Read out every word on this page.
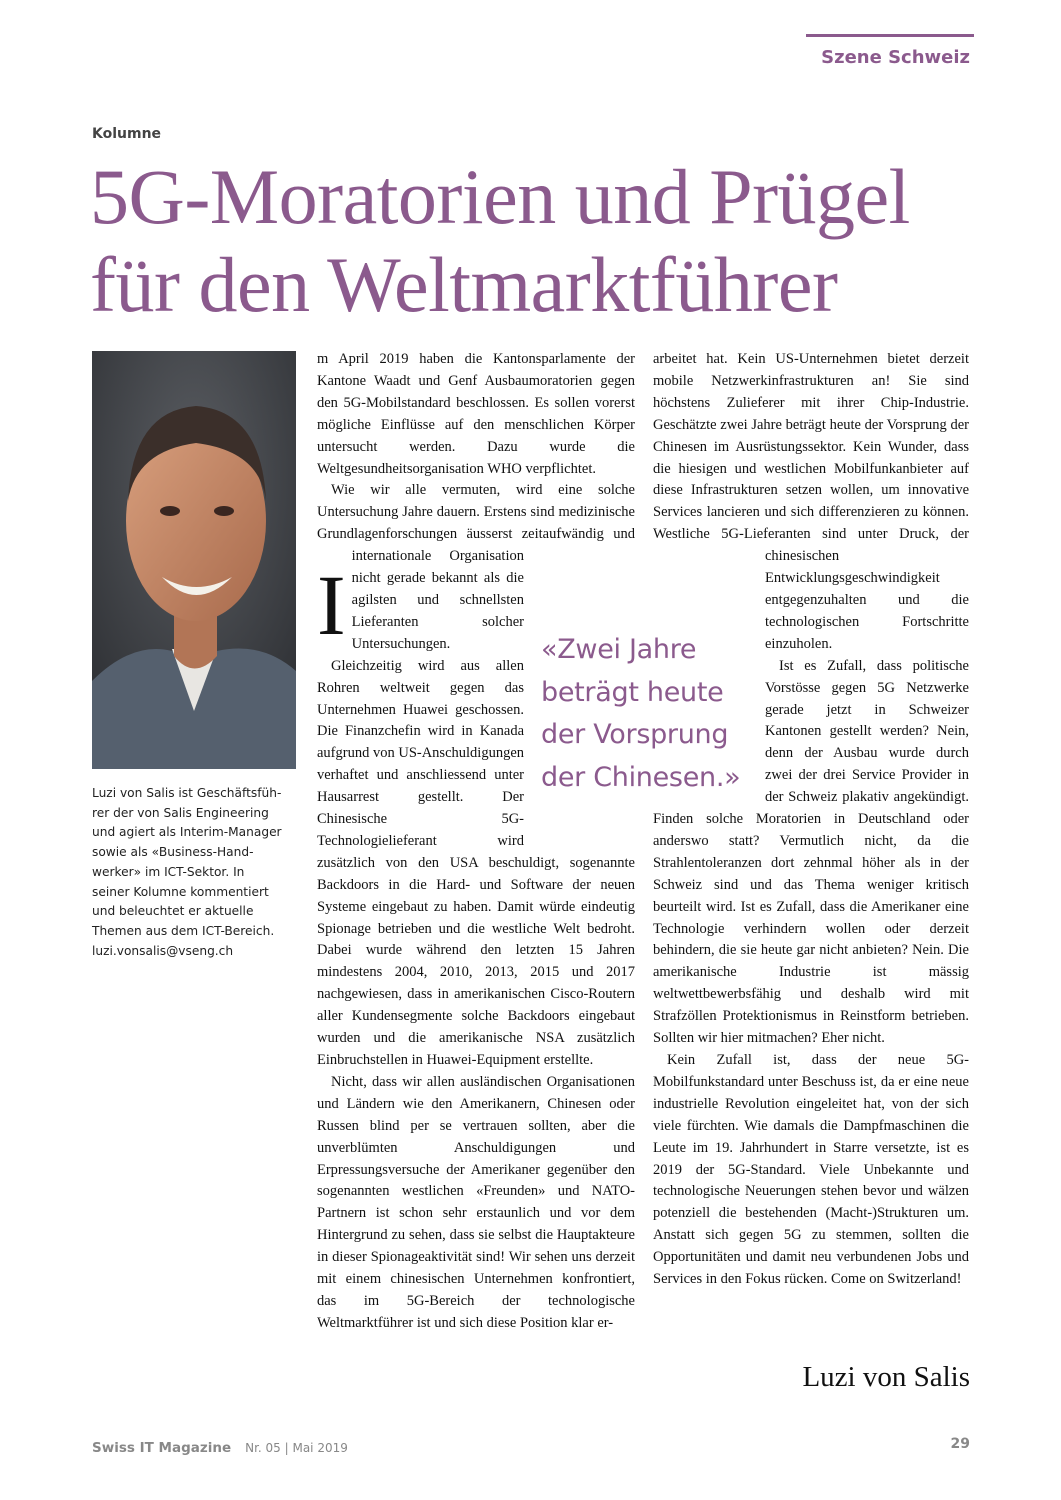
Szene Schweiz
Kolumne
5G-Moratorien und Prügel
für den Weltmarktführer
Luzi von Salis ist Geschäftsfüh-
rer der von Salis Engineering
und agiert als Interim-Manager
sowie als «Business-Hand-
werker» im ICT-Sektor. In
seiner Kolumne kommentiert
und beleuchtet er aktuelle
Themen aus dem ICT-Bereich.
luzi.vonsalis@vseng.ch

I
m April 2019 haben die Kantonsparlamente der Kantone Waadt und Genf Ausbaumoratorien gegen den 5G-Mobilstandard beschlossen. Es sollen vorerst mögliche Einflüsse auf den menschlichen Körper untersucht werden. Dazu wurde die Weltgesundheitsorganisation WHO verpflichtet.

Wie wir alle vermuten, wird eine solche Untersuchung Jahre dauern. Erstens sind medizinische Grundlagenforschungen äusserst zeitaufwändig und internationale Organisation nicht gerade bekannt als die agilsten und schnellsten Lieferanten solcher Untersuchungen.

Gleichzeitig wird aus allen Rohren weltweit gegen das Unternehmen Huawei geschossen. Die Finanzchefin wird in Kanada aufgrund von US-Anschuldigungen verhaftet und anschliessend unter Hausarrest gestellt. Der Chinesische 5G-Technologielieferant wird zusätzlich von den USA beschuldigt, sogenannte Backdoors in die Hard- und Software der neuen Systeme eingebaut zu haben. Damit würde eindeutig Spionage betrieben und die westliche Welt bedroht. Dabei wurde während den letzten 15 Jahren mindestens 2004, 2010, 2013, 2015 und 2017 nachgewiesen, dass in amerikanischen Cisco-Routern aller Kundensegmente solche Backdoors eingebaut wurden und die amerikanische NSA zusätzlich Einbruchstellen in Huawei-Equipment erstellte.

Nicht, dass wir allen ausländischen Organisationen und Ländern wie den Amerikanern, Chinesen oder Russen blind per se vertrauen sollten, aber die unverblümten Anschuldigungen und Erpressungsversuche der Amerikaner gegenüber den sogenannten westlichen «Freunden» und NATO-Partnern ist schon sehr erstaunlich und vor dem Hintergrund zu sehen, dass sie selbst die Hauptakteure in dieser Spionageaktivität sind! Wir sehen uns derzeit mit einem chinesischen Unternehmen konfrontiert, das im 5G-Bereich der technologische Weltmarktführer ist und sich diese Position klar er-

«Zwei Jahre
beträgt heute
der Vorsprung
der Chinesen.»

arbeitet hat. Kein US-Unternehmen bietet derzeit mobile Netzwerkinfrastrukturen an! Sie sind höchstens Zulieferer mit ihrer Chip-Industrie. Geschätzte zwei Jahre beträgt heute der Vorsprung der Chinesen im Ausrüstungssektor. Kein Wunder, dass die hiesigen und westlichen Mobilfunkanbieter auf diese Infrastrukturen setzen wollen, um innovative Services lancieren und sich differenzieren zu können. Westliche 5G-Lieferanten sind unter Druck, der chinesischen Entwicklungsgeschwindigkeit entgegenzuhalten und die technologischen Fortschritte einzuholen.

Ist es Zufall, dass politische Vorstösse gegen 5G Netzwerke gerade jetzt in Schweizer Kantonen gestellt werden? Nein, denn der Ausbau wurde durch zwei der drei Service Provider in der Schweiz plakativ angekündigt. Finden solche Moratorien in Deutschland oder anderswo statt? Vermutlich nicht, da die Strahlentoleranzen dort zehnmal höher als in der Schweiz sind und das Thema weniger kritisch beurteilt wird. Ist es Zufall, dass die Amerikaner eine Technologie verhindern wollen oder derzeit behindern, die sie heute gar nicht anbieten? Nein. Die amerikanische Industrie ist mässig weltwettbewerbsfähig und deshalb wird mit Strafzöllen Protektionismus in Reinstform betrieben. Sollten wir hier mitmachen? Eher nicht.

Kein Zufall ist, dass der neue 5G-Mobilfunkstandard unter Beschuss ist, da er eine neue industrielle Revolution eingeleitet hat, von der sich viele fürchten. Wie damals die Dampfmaschinen die Leute im 19. Jahrhundert in Starre versetzte, ist es 2019 der 5G-Standard. Viele Unbekannte und technologische Neuerungen stehen bevor und wälzen potenziell die bestehenden (Macht-)Strukturen um. Anstatt sich gegen 5G zu stemmen, sollten die Opportunitäten und damit neu verbundenen Jobs und Services in den Fokus rücken. Come on Switzerland!

Luzi von Salis
Swiss IT Magazine Nr. 05 | Mai 2019	29
